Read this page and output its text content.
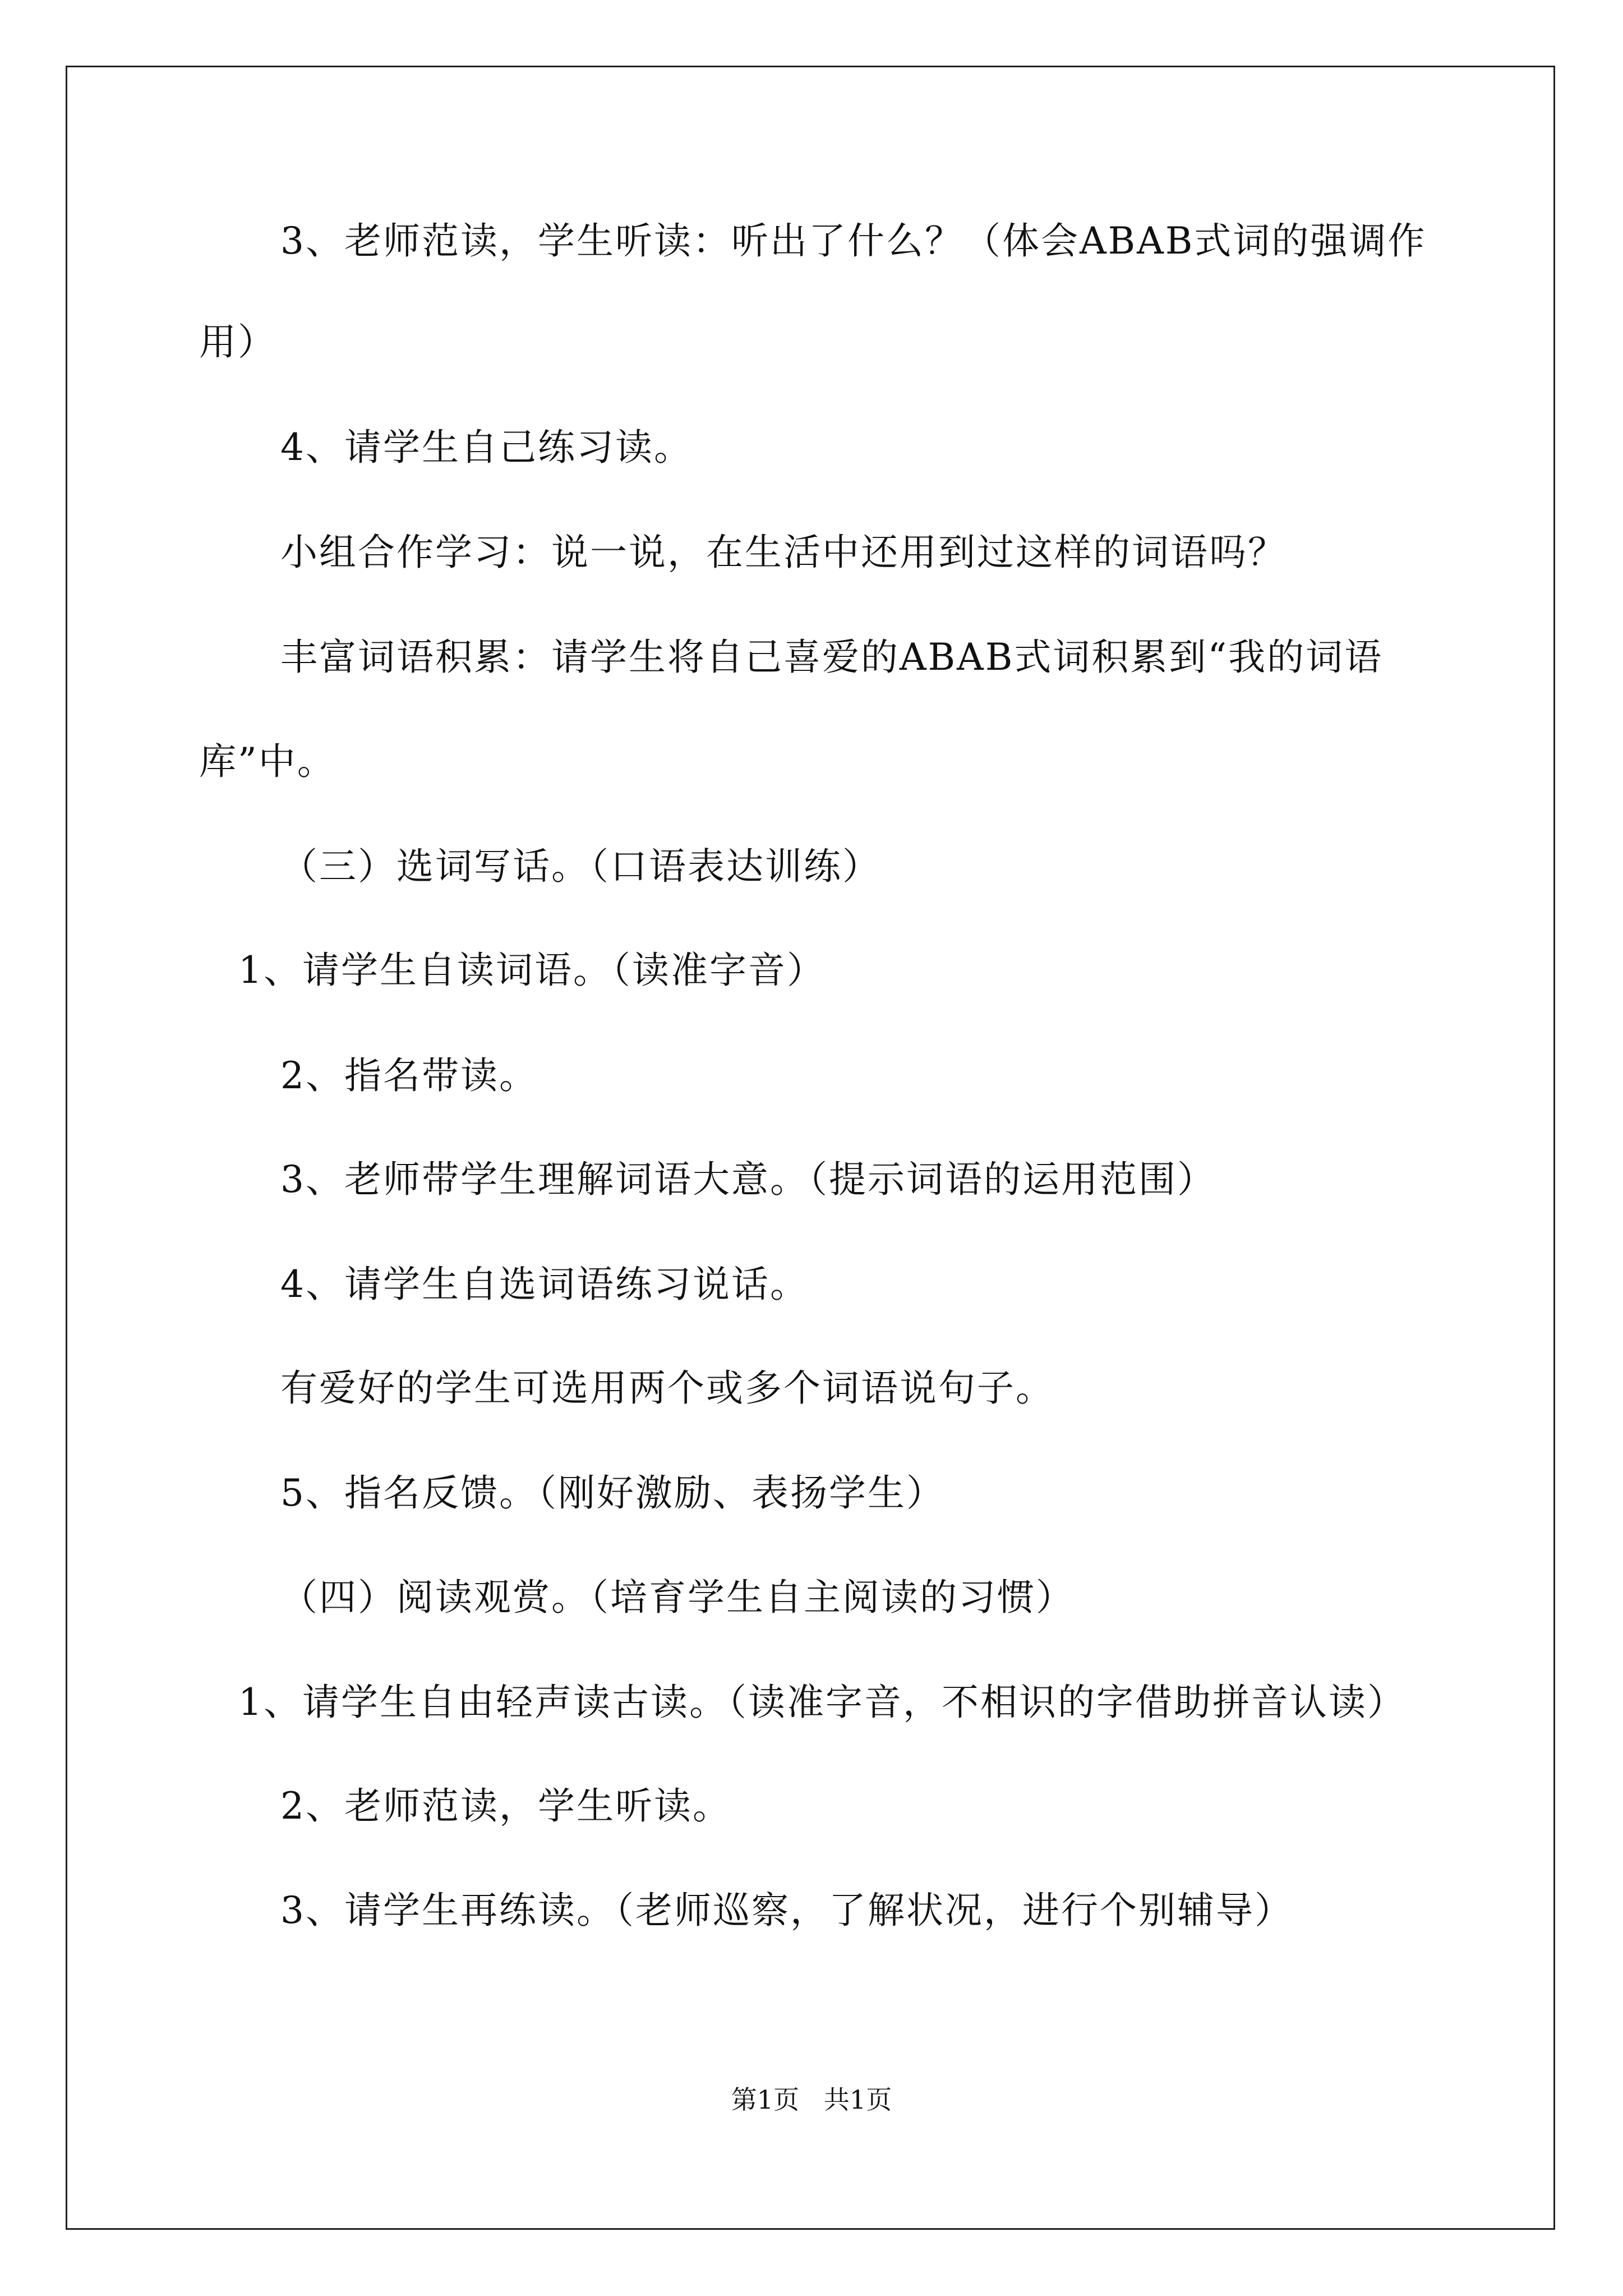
3、老师范读，学生听读：听出了什么？（体会ABAB式词的强调作
用）
4、请学生自己练习读。
小组合作学习：说一说，在生活中还用到过这样的词语吗？
丰富词语积累：请学生将自己喜爱的ABAB式词积累到“我的词语
库”中。
（三）选词写话。（口语表达训练）
1、请学生自读词语。（读准字音）
2、指名带读。
3、老师带学生理解词语大意。（提示词语的运用范围）
4、请学生自选词语练习说话。
有爱好的学生可选用两个或多个词语说句子。
5、指名反馈。（刚好激励、表扬学生）
（四）阅读观赏。（培育学生自主阅读的习惯）
1、请学生自由轻声读古读。（读准字音，不相识的字借助拼音认读）
2、老师范读，学生听读。
3、请学生再练读。（老师巡察，了解状况，进行个别辅导）
第1页   共1页
